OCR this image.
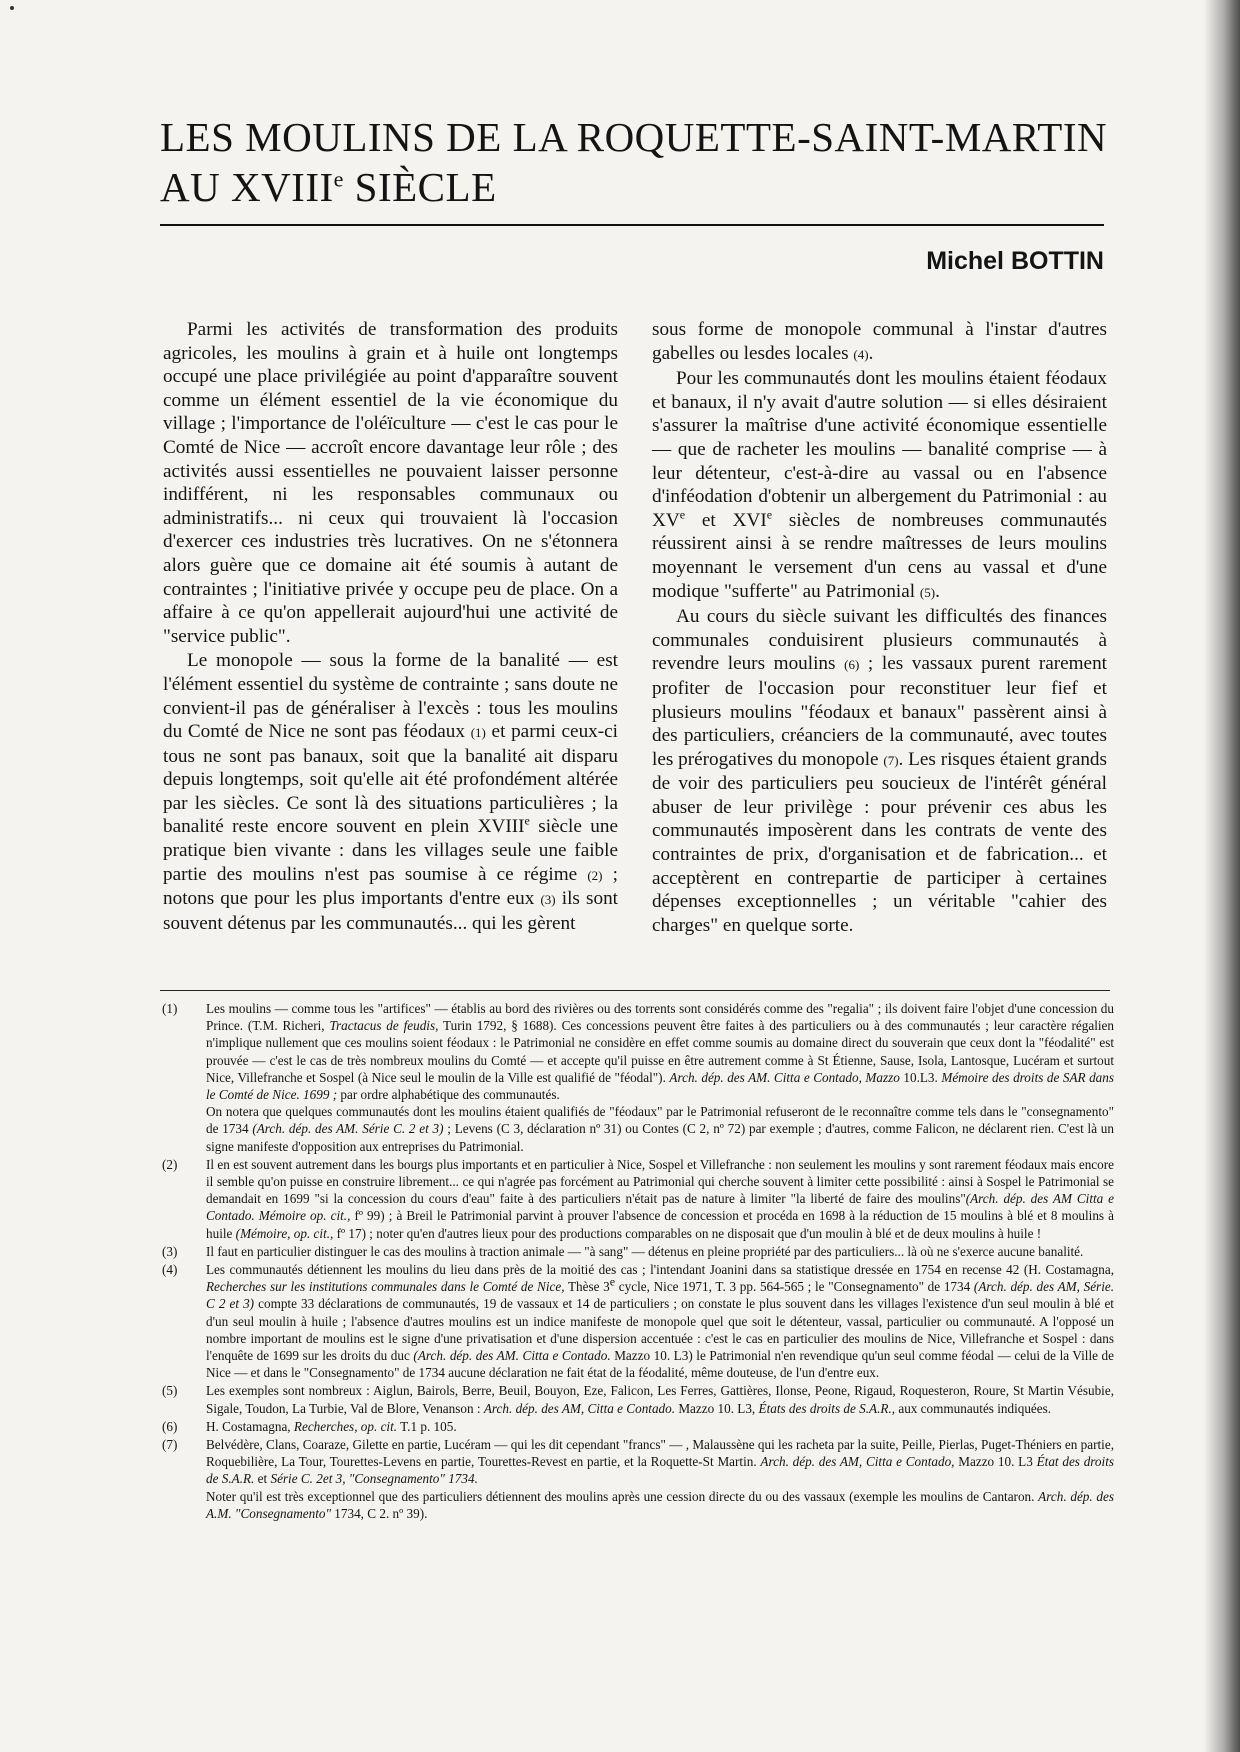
LES MOULINS DE LA ROQUETTE-SAINT-MARTIN
AU XVIIIe SIÈCLE
Michel BOTTIN

Parmi les activités de transformation des produits agricoles, les moulins à grain et à huile ont longtemps occupé une place privilégiée au point d'apparaître souvent comme un élément essentiel de la vie économique du village ; l'importance de l'oléïculture — c'est le cas pour le Comté de Nice — accroît encore davantage leur rôle ; des activités aussi essentielles ne pouvaient laisser personne indifférent, ni les responsables communaux ou administratifs... ni ceux qui trouvaient là l'occasion d'exercer ces industries très lucratives. On ne s'étonnera alors guère que ce domaine ait été soumis à autant de contraintes ; l'initiative privée y occupe peu de place. On a affaire à ce qu'on appellerait aujourd'hui une activité de "service public".

Le monopole — sous la forme de la banalité — est l'élément essentiel du système de contrainte ; sans doute ne convient-il pas de généraliser à l'excès : tous les moulins du Comté de Nice ne sont pas féodaux (1) et parmi ceux-ci tous ne sont pas banaux, soit que la banalité ait disparu depuis longtemps, soit qu'elle ait été profondément altérée par les siècles. Ce sont là des situations particulières ; la banalité reste encore souvent en plein XVIIIe siècle une pratique bien vivante : dans les villages seule une faible partie des moulins n'est pas soumise à ce régime (2) ; notons que pour les plus importants d'entre eux (3) ils sont souvent détenus par les communautés... qui les gèrent

sous forme de monopole communal à l'instar d'autres gabelles ou lesdes locales (4).

Pour les communautés dont les moulins étaient féodaux et banaux, il n'y avait d'autre solution — si elles désiraient s'assurer la maîtrise d'une activité économique essentielle — que de racheter les moulins — banalité comprise — à leur détenteur, c'est-à-dire au vassal ou en l'absence d'inféodation d'obtenir un albergement du Patrimonial : au XVe et XVIe siècles de nombreuses communautés réussirent ainsi à se rendre maîtresses de leurs moulins moyennant le versement d'un cens au vassal et d'une modique "sufferte" au Patrimonial (5).

Au cours du siècle suivant les difficultés des finances communales conduisirent plusieurs communautés à revendre leurs moulins (6) ; les vassaux purent rarement profiter de l'occasion pour reconstituer leur fief et plusieurs moulins "féodaux et banaux" passèrent ainsi à des particuliers, créanciers de la communauté, avec toutes les prérogatives du monopole (7). Les risques étaient grands de voir des particuliers peu soucieux de l'intérêt général abuser de leur privilège : pour prévenir ces abus les communautés imposèrent dans les contrats de vente des contraintes de prix, d'organisation et de fabrication... et acceptèrent en contrepartie de participer à certaines dépenses exceptionnelles ; un véritable "cahier des charges" en quelque sorte.

(1)	Les moulins — comme tous les "artifices" — établis au bord des rivières ou des torrents sont considérés comme des "regalia" ; ils doivent faire l'objet d'une concession du Prince. (T.M. Richeri, Tractacus de feudis, Turin 1792, § 1688). Ces concessions peuvent être faites à des particuliers ou à des communautés ; leur caractère régalien n'implique nullement que ces moulins soient féodaux : le Patrimonial ne considère en effet comme soumis au domaine direct du souverain que ceux dont la "féodalité" est prouvée — c'est le cas de très nombreux moulins du Comté — et accepte qu'il puisse en être autrement comme à St Étienne, Sause, Isola, Lantosque, Lucéram et surtout Nice, Villefranche et Sospel (à Nice seul le moulin de la Ville est qualifié de "féodal"). Arch. dép. des AM. Citta e Contado, Mazzo 10.L3. Mémoire des droits de SAR dans le Comté de Nice. 1699 ; par ordre alphabétique des communautés.

On notera que quelques communautés dont les moulins étaient qualifiés de "féodaux" par le Patrimonial refuseront de le reconnaître comme tels dans le "consegnamento" de 1734 (Arch. dép. des AM. Série C. 2 et 3) ; Levens (C 3, déclaration nº 31) ou Contes (C 2, nº 72) par exemple ; d'autres, comme Falicon, ne déclarent rien. C'est là un signe manifeste d'opposition aux entreprises du Patrimonial.

(2)	Il en est souvent autrement dans les bourgs plus importants et en particulier à Nice, Sospel et Villefranche : non seulement les moulins y sont rarement féodaux mais encore il semble qu'on puisse en construire librement... ce qui n'agrée pas forcément au Patrimonial qui cherche souvent à limiter cette possibilité : ainsi à Sospel le Patrimonial se demandait en 1699 "si la concession du cours d'eau" faite à des particuliers n'était pas de nature à limiter "la liberté de faire des moulins"(Arch. dép. des AM Citta e Contado. Mémoire op. cit., fº 99) ; à Breil le Patrimonial parvint à prouver l'absence de concession et procéda en 1698 à la réduction de 15 moulins à blé et 8 moulins à huile (Mémoire, op. cit., fº 17) ; noter qu'en d'autres lieux pour des productions comparables on ne disposait que d'un moulin à blé et de deux moulins à huile !

(3)	Il faut en particulier distinguer le cas des moulins à traction animale — "à sang" — détenus en pleine propriété par des particuliers... là où ne s'exerce aucune banalité.

(4)	Les communautés détiennent les moulins du lieu dans près de la moitié des cas ; l'intendant Joanini dans sa statistique dressée en 1754 en recense 42 (H. Costamagna, Recherches sur les institutions communales dans le Comté de Nice, Thèse 3e cycle, Nice 1971, T. 3 pp. 564-565 ; le "Consegnamento" de 1734 (Arch. dép. des AM, Série. C 2 et 3) compte 33 déclarations de communautés, 19 de vassaux et 14 de particuliers ; on constate le plus souvent dans les villages l'existence d'un seul moulin à blé et d'un seul moulin à huile ; l'absence d'autres moulins est un indice manifeste de monopole quel que soit le détenteur, vassal, particulier ou communauté. A l'opposé un nombre important de moulins est le signe d'une privatisation et d'une dispersion accentuée : c'est le cas en particulier des moulins de Nice, Villefranche et Sospel : dans l'enquête de 1699 sur les droits du duc (Arch. dép. des AM. Citta e Contado. Mazzo 10. L3) le Patrimonial n'en revendique qu'un seul comme féodal — celui de la Ville de Nice — et dans le "Consegnamento" de 1734 aucune déclaration ne fait état de la féodalité, même douteuse, de l'un d'entre eux.

(5)	Les exemples sont nombreux : Aiglun, Bairols, Berre, Beuil, Bouyon, Eze, Falicon, Les Ferres, Gattières, Ilonse, Peone, Rigaud, Roquesteron, Roure, St Martin Vésubie, Sigale, Toudon, La Turbie, Val de Blore, Venanson : Arch. dép. des AM, Citta e Contado. Mazzo 10. L3, États des droits de S.A.R., aux communautés indiquées.

(6)	H. Costamagna, Recherches, op. cit. T.1 p. 105.

(7)	Belvédère, Clans, Coaraze, Gilette en partie, Lucéram — qui les dit cependant "francs" — , Malaussène qui les racheta par la suite, Peille, Pierlas, Puget-Théniers en partie, Roquebilière, La Tour, Tourettes-Levens en partie, Tourettes-Revest en partie, et la Roquette-St Martin. Arch. dép. des AM, Citta e Contado, Mazzo 10. L3 État des droits de S.A.R. et Série C. 2et 3, "Consegnamento" 1734.

Noter qu'il est très exceptionnel que des particuliers détiennent des moulins après une cession directe du ou des vassaux (exemple les moulins de Cantaron. Arch. dép. des A.M. "Consegnamento" 1734, C 2. nº 39).
